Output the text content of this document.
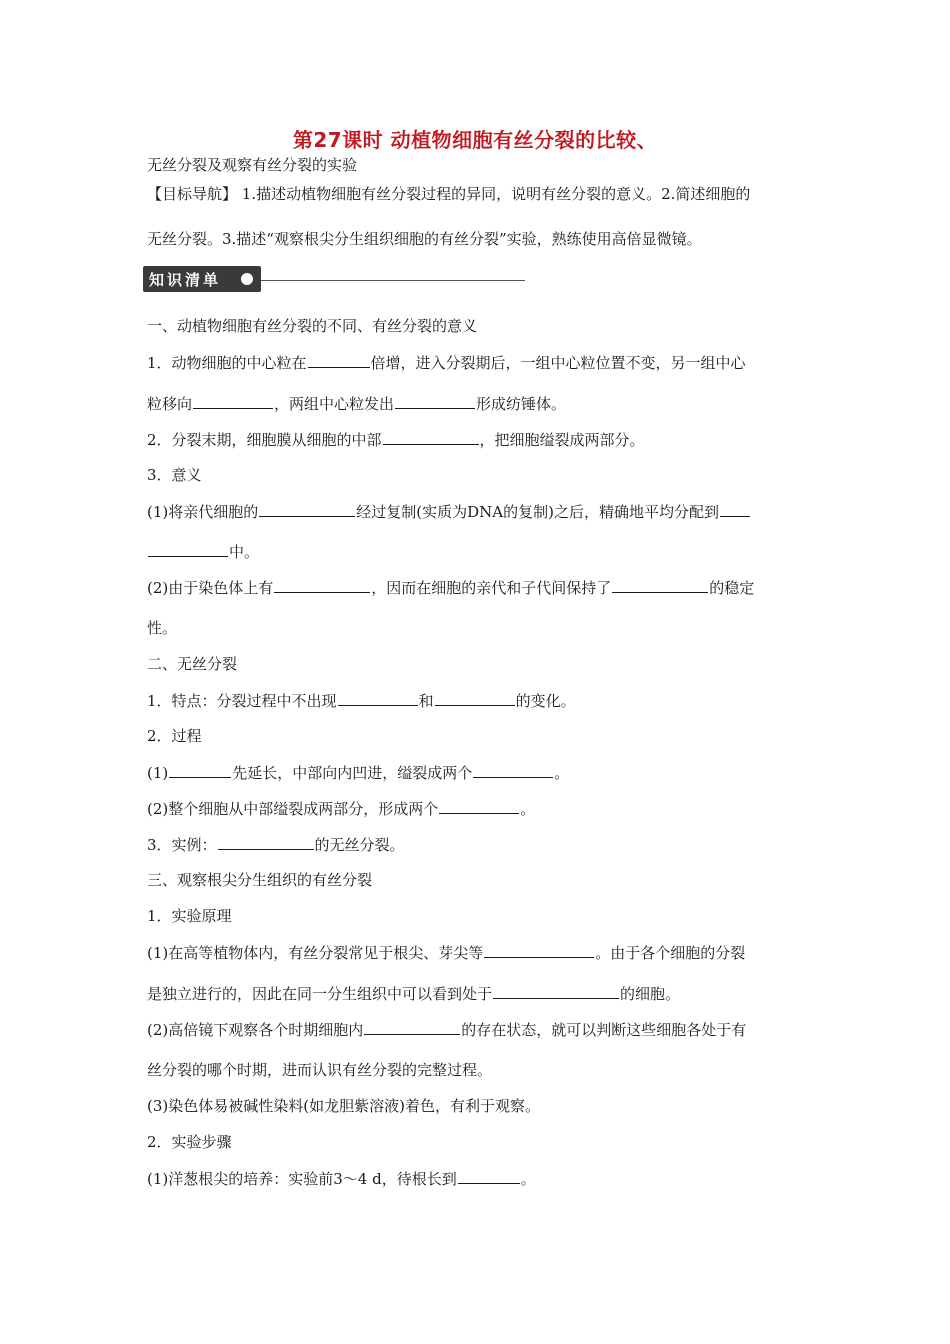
第27课时 动植物细胞有丝分裂的比较、
无丝分裂及观察有丝分裂的实验
【目标导航】 1.描述动植物细胞有丝分裂过程的异同，说明有丝分裂的意义。2.简述细胞的
无丝分裂。3.描述“观察根尖分生组织细胞的有丝分裂”实验，熟练使用高倍显微镜。
知识清单
一、动植物细胞有丝分裂的不同、有丝分裂的意义
1．动物细胞的中心粒在	倍增，进入分裂期后，一组中心粒位置不变，另一组中心
粒移向	，两组中心粒发出	形成纺锤体。
2．分裂末期，细胞膜从细胞的中部	，把细胞缢裂成两部分。
3．意义
(1)将亲代细胞的	经过复制(实质为DNA的复制)之后，精确地平均分配到
中。
(2)由于染色体上有	，因而在细胞的亲代和子代间保持了	的稳定
性。
二、无丝分裂
1．特点：分裂过程中不出现	和	的变化。
2．过程
(1)	先延长，中部向内凹进，缢裂成两个	。
(2)整个细胞从中部缢裂成两部分，形成两个	。
3．实例：	的无丝分裂。
三、观察根尖分生组织的有丝分裂
1．实验原理
(1)在高等植物体内，有丝分裂常见于根尖、芽尖等	。由于各个细胞的分裂
是独立进行的，因此在同一分生组织中可以看到处于	的细胞。
(2)高倍镜下观察各个时期细胞内	的存在状态，就可以判断这些细胞各处于有
丝分裂的哪个时期，进而认识有丝分裂的完整过程。
(3)染色体易被碱性染料(如龙胆紫溶液)着色，有利于观察。
2．实验步骤
(1)洋葱根尖的培养：实验前3～4 d，待根长到	。
